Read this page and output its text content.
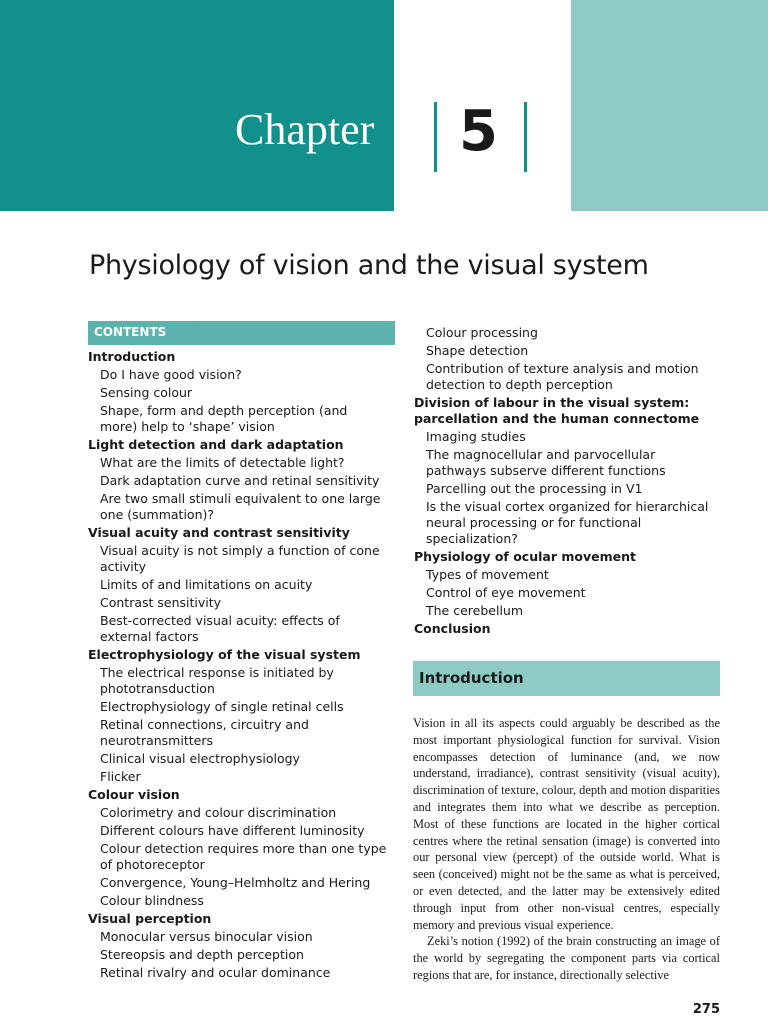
Chapter 5
Physiology of vision and the visual system
CONTENTS
Introduction
Do I have good vision?
Sensing colour
Shape, form and depth perception (and more) help to ‘shape’ vision
Light detection and dark adaptation
What are the limits of detectable light?
Dark adaptation curve and retinal sensitivity
Are two small stimuli equivalent to one large one (summation)?
Visual acuity and contrast sensitivity
Visual acuity is not simply a function of cone activity
Limits of and limitations on acuity
Contrast sensitivity
Best-corrected visual acuity: effects of external factors
Electrophysiology of the visual system
The electrical response is initiated by phototransduction
Electrophysiology of single retinal cells
Retinal connections, circuitry and neurotransmitters
Clinical visual electrophysiology
Flicker
Colour vision
Colorimetry and colour discrimination
Different colours have different luminosity
Colour detection requires more than one type of photoreceptor
Convergence, Young–Helmholtz and Hering
Colour blindness
Visual perception
Monocular versus binocular vision
Stereopsis and depth perception
Retinal rivalry and ocular dominance
Colour processing
Shape detection
Contribution of texture analysis and motion detection to depth perception
Division of labour in the visual system: parcellation and the human connectome
Imaging studies
The magnocellular and parvocellular pathways subserve different functions
Parcelling out the processing in V1
Is the visual cortex organized for hierarchical neural processing or for functional specialization?
Physiology of ocular movement
Types of movement
Control of eye movement
The cerebellum
Conclusion
Introduction

Vision in all its aspects could arguably be described as the most important physiological function for survival. Vision encompasses detection of luminance (and, we now understand, irradiance), contrast sensitivity (visual acuity), discrimination of texture, colour, depth and motion disparities and integrates them into what we describe as perception. Most of these functions are located in the higher cortical centres where the retinal sensation (image) is converted into our personal view (percept) of the outside world. What is seen (conceived) might not be the same as what is perceived, or even detected, and the latter may be extensively edited through input from other non-visual centres, especially memory and previous visual experience.

Zeki’s notion (1992) of the brain constructing an image of the world by segregating the component parts via cortical regions that are, for instance, directionally selective

275
